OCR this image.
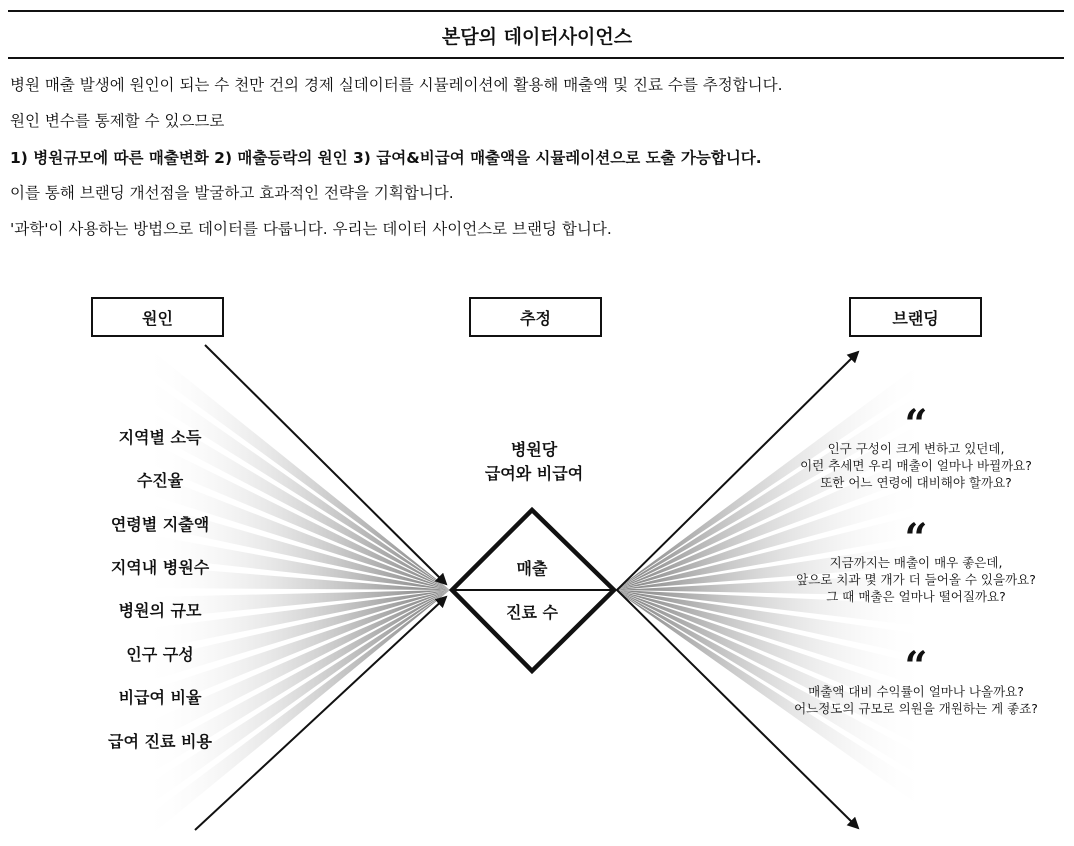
본담의 데이터사이언스
병원 매출 발생에 원인이 되는 수 천만 건의 경제 실데이터를 시뮬레이션에 활용해 매출액 및 진료 수를 추정합니다.
원인 변수를 통제할 수 있으므로
1) 병원규모에 따른 매출변화 2) 매출등락의 원인 3) 급여&비급여 매출액을 시뮬레이션으로 도출 가능합니다.
이를 통해 브랜딩 개선점을 발굴하고 효과적인 전략을 기획합니다.
'과학'이 사용하는 방법으로 데이터를 다룹니다. 우리는 데이터 사이언스로 브랜딩 합니다.
원인	추정	브랜딩
지역별 소득
수진율
연령별 지출액
지역내 병원수
병원의 규모
인구 구성
비급여 비율
급여 진료 비용
병원당
급여와 비급여
매출
진료 수
“
인구 구성이 크게 변하고 있던데,
이런 추세면 우리 매출이 얼마나 바뀔까요?
또한 어느 연령에 대비해야 할까요?
“
지금까지는 매출이 매우 좋은데,
앞으로 치과 몇 개가 더 들어올 수 있을까요?
그 때 매출은 얼마나 떨어질까요?
“
매출액 대비 수익률이 얼마나 나올까요?
어느정도의 규모로 의원을 개원하는 게 좋죠?
